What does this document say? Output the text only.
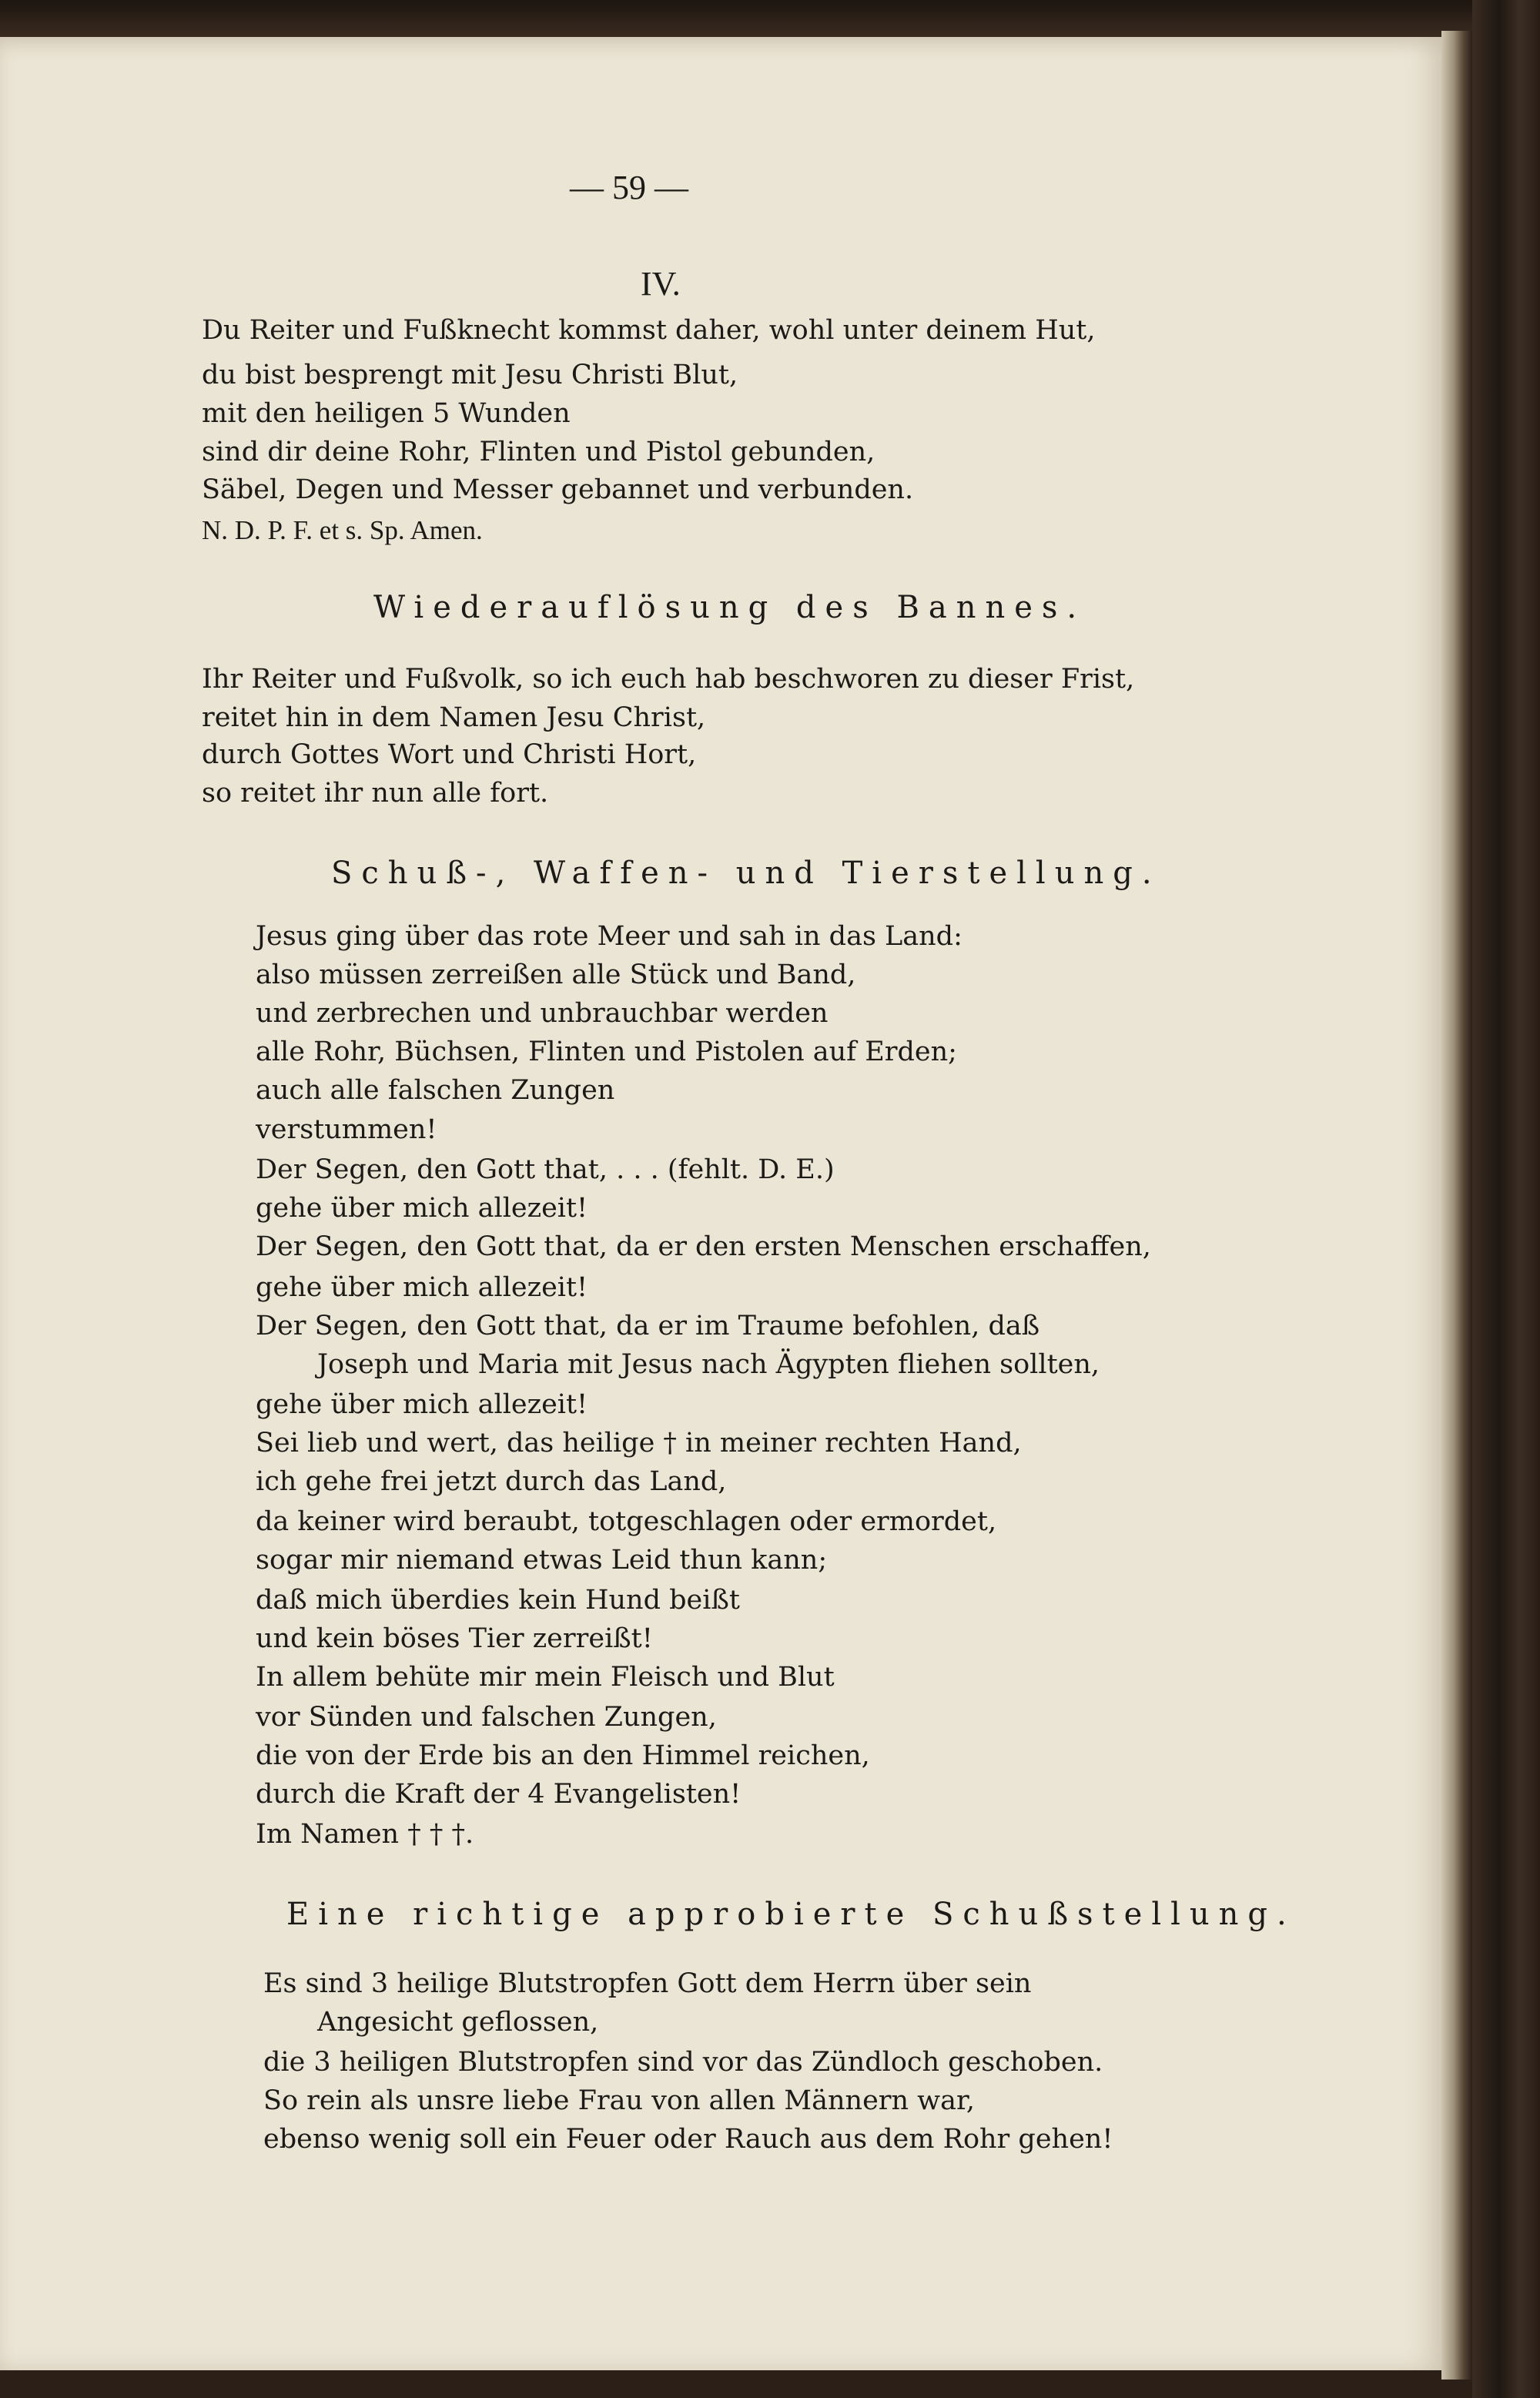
— 59 —
IV.
Du Reiter und Fußknecht kommst daher, wohl unter deinem Hut,
du bist besprengt mit Jesu Christi Blut,
mit den heiligen 5 Wunden
sind dir deine Rohr, Flinten und Pistol gebunden,
Säbel, Degen und Messer gebannet und verbunden.
N. D. P. F. et s. Sp. Amen.
Wiederauflösung des Bannes.
Ihr Reiter und Fußvolk, so ich euch hab beschworen zu dieser Frist,
reitet hin in dem Namen Jesu Christ,
durch Gottes Wort und Christi Hort,
so reitet ihr nun alle fort.
Schuß-, Waffen- und Tierstellung.
Jesus ging über das rote Meer und sah in das Land:
also müssen zerreißen alle Stück und Band,
und zerbrechen und unbrauchbar werden
alle Rohr, Büchsen, Flinten und Pistolen auf Erden;
auch alle falschen Zungen
verstummen!
Der Segen, den Gott that, . . . (fehlt. D. E.)
gehe über mich allezeit!
Der Segen, den Gott that, da er den ersten Menschen erschaffen,
gehe über mich allezeit!
Der Segen, den Gott that, da er im Traume befohlen, daß
Joseph und Maria mit Jesus nach Ägypten fliehen sollten,
gehe über mich allezeit!
Sei lieb und wert, das heilige † in meiner rechten Hand,
ich gehe frei jetzt durch das Land,
da keiner wird beraubt, totgeschlagen oder ermordet,
sogar mir niemand etwas Leid thun kann;
daß mich überdies kein Hund beißt
und kein böses Tier zerreißt!
In allem behüte mir mein Fleisch und Blut
vor Sünden und falschen Zungen,
die von der Erde bis an den Himmel reichen,
durch die Kraft der 4 Evangelisten!
Im Namen † † †.
Eine richtige approbierte Schußstellung.
Es sind 3 heilige Blutstropfen Gott dem Herrn über sein
Angesicht geflossen,
die 3 heiligen Blutstropfen sind vor das Zündloch geschoben.
So rein als unsre liebe Frau von allen Männern war,
ebenso wenig soll ein Feuer oder Rauch aus dem Rohr gehen!
